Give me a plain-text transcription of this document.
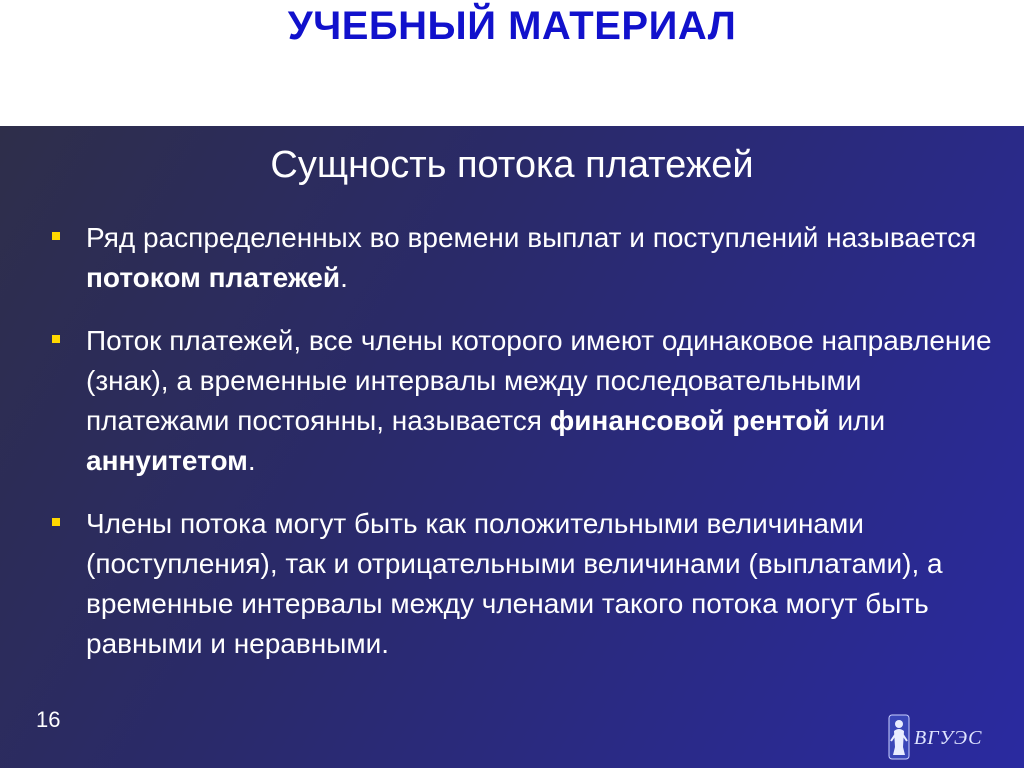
УЧЕБНЫЙ МАТЕРИАЛ
Сущность потока платежей
Ряд распределенных во времени выплат и поступлений называется потоком платежей.
Поток платежей, все члены которого имеют одинаковое направление (знак), а временные интервалы между последовательными платежами постоянны, называется финансовой рентой или аннуитетом.
Члены потока могут быть как положительными величинами (поступления), так и отрицательными величинами (выплатами), а временные интервалы между членами такого потока могут быть равными и неравными.
16
ВГУЭС
